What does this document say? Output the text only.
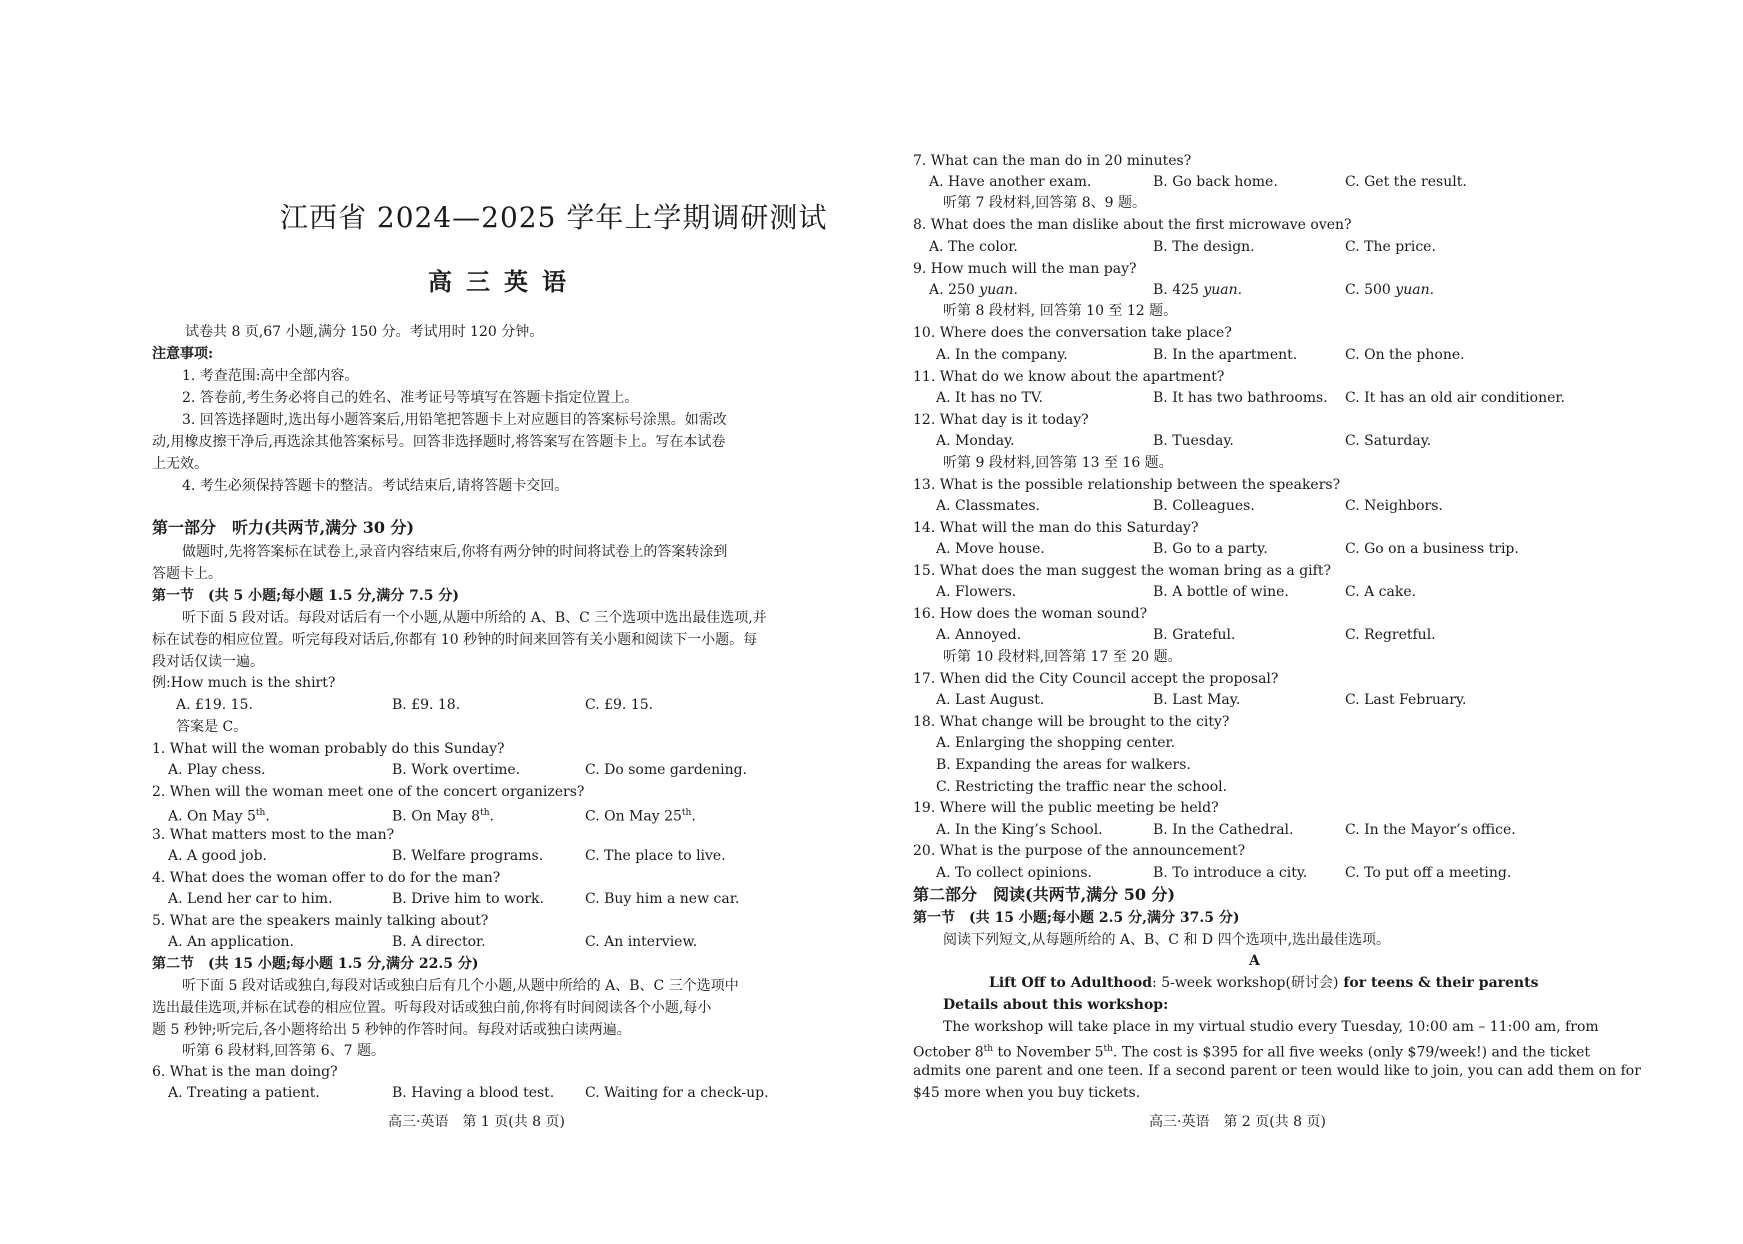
江西省 2024—2025 学年上学期调研测试
高三英语
试卷共 8 页,67 小题,满分 150 分。考试用时 120 分钟。
注意事项:
1. 考查范围:高中全部内容。
2. 答卷前,考生务必将自己的姓名、准考证号等填写在答题卡指定位置上。
3. 回答选择题时,选出每小题答案后,用铅笔把答题卡上对应题目的答案标号涂黑。如需改
动,用橡皮擦干净后,再选涂其他答案标号。回答非选择题时,将答案写在答题卡上。写在本试卷
上无效。
4. 考生必须保持答题卡的整洁。考试结束后,请将答题卡交回。
第一部分　听力(共两节,满分 30 分)
做题时,先将答案标在试卷上,录音内容结束后,你将有两分钟的时间将试卷上的答案转涂到
答题卡上。
第一节　(共 5 小题;每小题 1.5 分,满分 7.5 分)
听下面 5 段对话。每段对话后有一个小题,从题中所给的 A、B、C 三个选项中选出最佳选项,并
标在试卷的相应位置。听完每段对话后,你都有 10 秒钟的时间来回答有关小题和阅读下一小题。每
段对话仅读一遍。
例:How much is the shirt?
A. £19. 15.	B. £9. 18.	C. £9. 15.
答案是 C。
1. What will the woman probably do this Sunday?
A. Play chess.	B. Work overtime.	C. Do some gardening.
2. When will the woman meet one of the concert organizers?
A. On May 5th.	B. On May 8th.	C. On May 25th.
3. What matters most to the man?
A. A good job.	B. Welfare programs.	C. The place to live.
4. What does the woman offer to do for the man?
A. Lend her car to him.	B. Drive him to work.	C. Buy him a new car.
5. What are the speakers mainly talking about?
A. An application.	B. A director.	C. An interview.
第二节　(共 15 小题;每小题 1.5 分,满分 22.5 分)
听下面 5 段对话或独白,每段对话或独白后有几个小题,从题中所给的 A、B、C 三个选项中
选出最佳选项,并标在试卷的相应位置。听每段对话或独白前,你将有时间阅读各个小题,每小
题 5 秒钟;听完后,各小题将给出 5 秒钟的作答时间。每段对话或独白读两遍。
听第 6 段材料,回答第 6、7 题。
6. What is the man doing?
A. Treating a patient.	B. Having a blood test. C. Waiting for a check-up.
高三·英语　第 1 页(共 8 页)
7. What can the man do in 20 minutes?
A. Have another exam.	B. Go back home.	C. Get the result.
听第 7 段材料,回答第 8、9 题。
8. What does the man dislike about the first microwave oven?
A. The color.	B. The design.	C. The price.
9. How much will the man pay?
A. 250 yuan.	B. 425 yuan.	C. 500 yuan.
听第 8 段材料, 回答第 10 至 12 题。
10. Where does the conversation take place?
A. In the company.	B. In the apartment.	C. On the phone.
11. What do we know about the apartment?
A. It has no TV.	B. It has two bathrooms. C. It has an old air conditioner.
12. What day is it today?
A. Monday.	B. Tuesday.	C. Saturday.
听第 9 段材料,回答第 13 至 16 题。
13. What is the possible relationship between the speakers?
A. Classmates.	B. Colleagues.	C. Neighbors.
14. What will the man do this Saturday?
A. Move house.	B. Go to a party.	C. Go on a business trip.
15. What does the man suggest the woman bring as a gift?
A. Flowers.	B. A bottle of wine.	C. A cake.
16. How does the woman sound?
A. Annoyed.	B. Grateful.	C. Regretful.
听第 10 段材料,回答第 17 至 20 题。
17. When did the City Council accept the proposal?
A. Last August.	B. Last May.	C. Last February.
18. What change will be brought to the city?
A. Enlarging the shopping center.
B. Expanding the areas for walkers.
C. Restricting the traffic near the school.
19. Where will the public meeting be held?
A. In the King’s School.	B. In the Cathedral.	C. In the Mayor’s office.
20. What is the purpose of the announcement?
A. To collect opinions.	B. To introduce a city.	C. To put off a meeting.
第二部分　阅读(共两节,满分 50 分)
第一节　(共 15 小题;每小题 2.5 分,满分 37.5 分)
阅读下列短文,从每题所给的 A、B、C 和 D 四个选项中,选出最佳选项。
A
Lift Off to Adulthood: 5-week workshop(研讨会) for teens & their parents
Details about this workshop:
The workshop will take place in my virtual studio every Tuesday, 10:00 am – 11:00 am, from
October 8th to November 5th. The cost is $395 for all five weeks (only $79/week!) and the ticket
admits one parent and one teen. If a second parent or teen would like to join, you can add them on for
$45 more when you buy tickets.
高三·英语　第 2 页(共 8 页)
